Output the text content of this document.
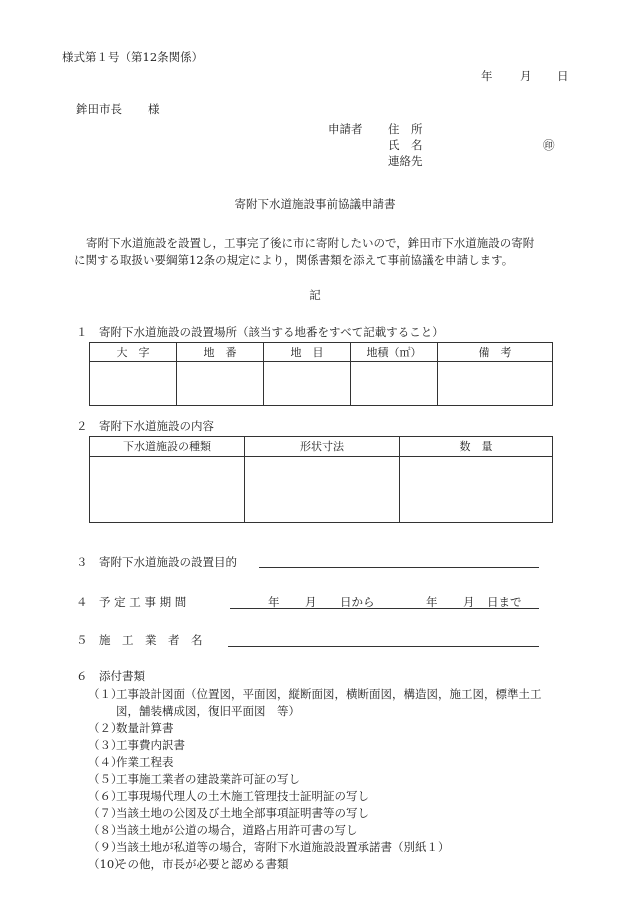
様式第１号（第12条関係）
年 月 日
鉾田市長 様
申請者 住　所
氏　名	㊞
連絡先
寄附下水道施設事前協議申請書
寄附下水道施設を設置し，工事完了後に市に寄附したいので，鉾田市下水道施設の寄附
に関する取扱い要綱第12条の規定により，関係書類を添えて事前協議を申請します。
記
１　寄附下水道施設の設置場所（該当する地番をすべて記載すること）
大　字	地　番	地　目	地積（㎡）	備　考

２　寄附下水道施設の内容
下水道施設の種類	形状寸法	数　量

３　寄附下水道施設の設置目的
４　予 定 工 事 期 間	年 月 日から	年 月 日まで
５　施　工　業　者　名
６　添付書類
（１）
工事設計図面（位置図，平面図，縦断面図，横断面図，構造図，施工図，標準土工
図，舗装構成図，復旧平面図　等）
（２）
数量計算書
（３）
工事費内訳書
（４）
作業工程表
（５）
工事施工業者の建設業許可証の写し
（６）
工事現場代理人の土木施工管理技士証明証の写し
（７）
当該土地の公図及び土地全部事項証明書等の写し
（８）
当該土地が公道の場合，道路占用許可書の写し
（９）
当該土地が私道等の場合，寄附下水道施設設置承諾書（別紙１）
（10）
その他，市長が必要と認める書類
